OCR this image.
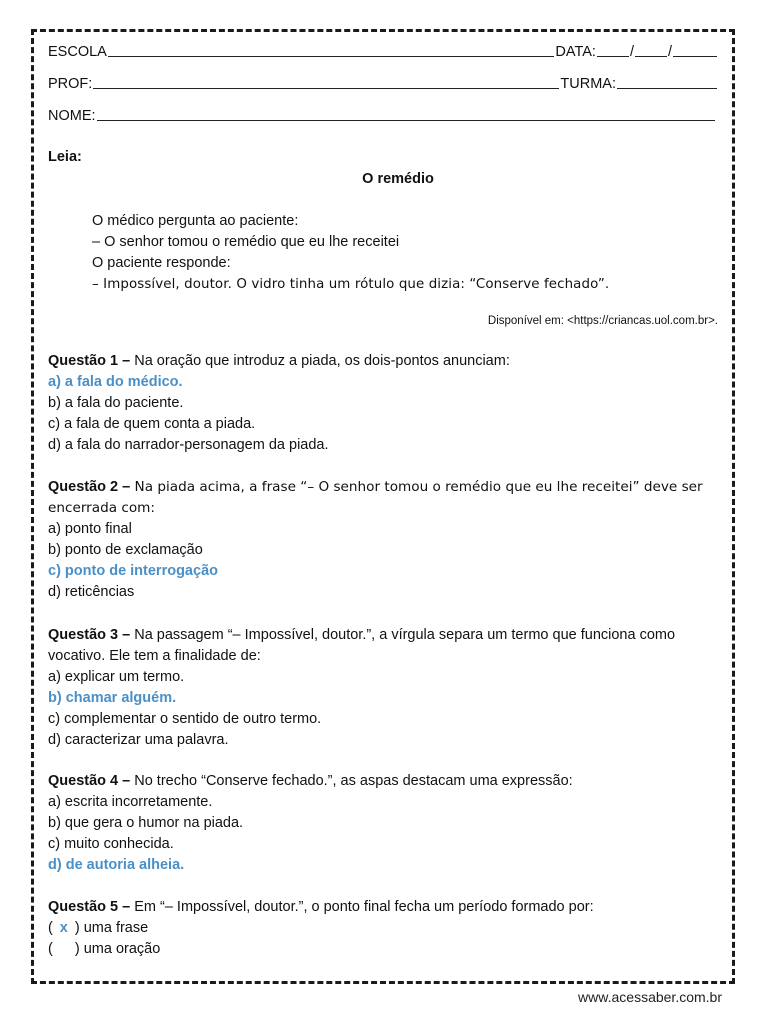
ESCOLA	DATA: / /
PROF:	TURMA:
NOME:
Leia:
O remédio

O médico pergunta ao paciente:

– O senhor tomou o remédio que eu lhe receitei

O paciente responde:

– Impossível, doutor. O vidro tinha um rótulo que dizia: “Conserve fechado”.

Disponível em: <https://criancas.uol.com.br>.

Questão 1 – Na oração que introduz a piada, os dois-pontos anunciam:

a) a fala do médico.

b) a fala do paciente.

c) a fala de quem conta a piada.

d) a fala do narrador-personagem da piada.

Questão 2 – Na piada acima, a frase “– O senhor tomou o remédio que eu lhe receitei” deve ser encerrada com:

a) ponto final

b) ponto de exclamação

c) ponto de interrogação

d) reticências

Questão 3 – Na passagem “– Impossível, doutor.”, a vírgula separa um termo que funciona como vocativo. Ele tem a finalidade de:

a) explicar um termo.

b) chamar alguém.

c) complementar o sentido de outro termo.

d) caracterizar uma palavra.

Questão 4 – No trecho “Conserve fechado.”, as aspas destacam uma expressão:

a) escrita incorretamente.

b) que gera o humor na piada.

c) muito conhecida.

d) de autoria alheia.

Questão 5 – Em “– Impossível, doutor.”, o ponto final fecha um período formado por:

( x ) uma frase

( ) uma oração

www.acessaber.com.br
